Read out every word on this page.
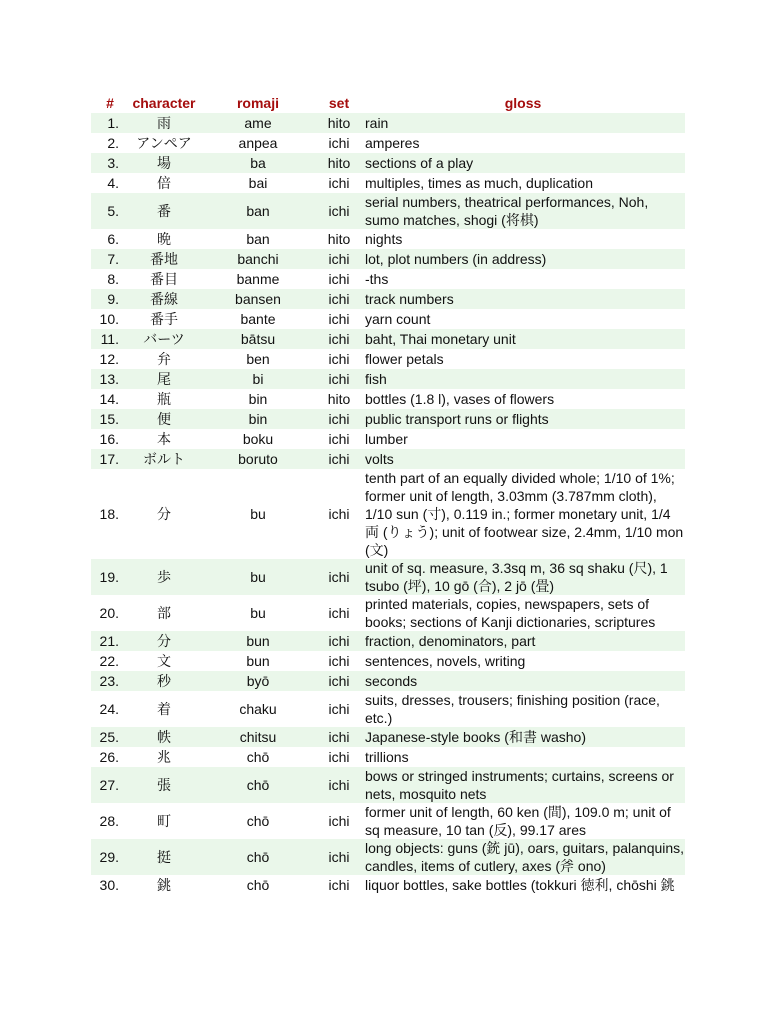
#	character	romaji	set	gloss
1.	雨	ame	hito	rain
2.	アンペア	anpea	ichi	amperes
3.	場	ba	hito	sections of a play
4.	倍	bai	ichi	multiples, times as much, duplication
5.	番	ban	ichi	serial numbers, theatrical performances, Noh, sumo matches, shogi (将棋)
6.	晩	ban	hito	nights
7.	番地	banchi	ichi	lot, plot numbers (in address)
8.	番目	banme	ichi	-ths
9.	番線	bansen	ichi	track numbers
10.	番手	bante	ichi	yarn count
11.	バーツ	bātsu	ichi	baht, Thai monetary unit
12.	弁	ben	ichi	flower petals
13.	尾	bi	ichi	fish
14.	瓶	bin	hito	bottles (1.8 l), vases of flowers
15.	便	bin	ichi	public transport runs or flights
16.	本	boku	ichi	lumber
17.	ボルト	boruto	ichi	volts
18.	分	bu	ichi	tenth part of an equally divided whole; 1/10 of 1%; former unit of length, 3.03mm (3.787mm cloth), 1/10 sun (寸), 0.119 in.; former monetary unit, 1/4 両 (りょう); unit of footwear size, 2.4mm, 1/10 mon (文)
19.	歩	bu	ichi	unit of sq. measure, 3.3sq m, 36 sq shaku (尺), 1 tsubo (坪), 10 gō (合), 2 jō (畳)
20.	部	bu	ichi	printed materials, copies, newspapers, sets of books; sections of Kanji dictionaries, scriptures
21.	分	bun	ichi	fraction, denominators, part
22.	文	bun	ichi	sentences, novels, writing
23.	秒	byō	ichi	seconds
24.	着	chaku	ichi	suits, dresses, trousers; finishing position (race, etc.)
25.	帙	chitsu	ichi	Japanese-style books (和書 washo)
26.	兆	chō	ichi	trillions
27.	張	chō	ichi	bows or stringed instruments; curtains, screens or nets, mosquito nets
28.	町	chō	ichi	former unit of length, 60 ken (間), 109.0 m; unit of sq measure, 10 tan (反), 99.17 ares
29.	挺	chō	ichi	long objects: guns (銃 jū), oars, guitars, palanquins, candles, items of cutlery, axes (斧 ono)
30.	銚	chō	ichi	liquor bottles, sake bottles (tokkuri 徳利, chōshi 銚
